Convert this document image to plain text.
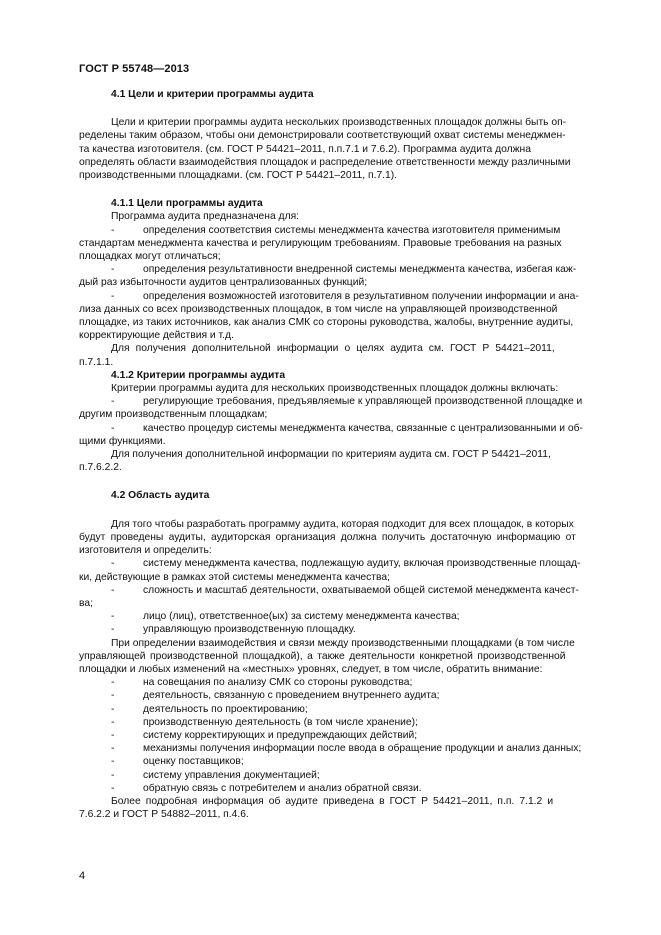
ГОСТ Р 55748—2013

4.1 Цели и критерии программы аудита

Цели и критерии программы аудита нескольких производственных площадок должны быть оп-

ределены таким образом, чтобы они демонстрировали соответствующий охват системы менеджмен-

та качества изготовителя. (см. ГОСТ Р 54421–2011, п.п.7.1 и 7.6.2). Программа аудита должна

определять области взаимодействия площадок и распределение ответственности между различными

производственными площадками. (см. ГОСТ Р 54421–2011, п.7.1).

4.1.1 Цели программы аудита

Программа аудита предназначена для:

-	определения соответствия системы менеджмента качества изготовителя применимым

стандартам менеджмента качества и регулирующим требованиям. Правовые требования на разных

площадках могут отличаться;

-	определения результативности внедренной системы менеджмента качества, избегая каж-

дый раз избыточности аудитов централизованных функций;

-	определения возможностей изготовителя в результативном получении информации и ана-

лиза данных со всех производственных площадок, в том числе на управляющей производственной

площадке, из таких источников, как анализ СМК со стороны руководства, жалобы, внутренние аудиты,

корректирующие действия и т.д.

Для получения дополнительной информации о целях аудита см. ГОСТ Р 54421–2011,

п.7.1.1.

4.1.2 Критерии программы аудита

Критерии программы аудита для нескольких производственных площадок должны включать:

-	регулирующие требования, предъявляемые к управляющей производственной площадке и

другим производственным площадкам;

-	качество процедур системы менеджмента качества, связанные с централизованными и об-

щими функциями.

Для получения дополнительной информации по критериям аудита см. ГОСТ Р 54421–2011,

п.7.6.2.2.

4.2 Область аудита

Для того чтобы разработать программу аудита, которая подходит для всех площадок, в которых

будут проведены аудиты, аудиторская организация должна получить достаточную информацию от

изготовителя и определить:

-	систему менеджмента качества, подлежащую аудиту, включая производственные площад-

ки, действующие в рамках этой системы менеджмента качества;

-	сложность и масштаб деятельности, охватываемой общей системой менеджмента качест-

ва;

-	лицо (лиц), ответственное(ых) за систему менеджмента качества;
-	управляющую производственную площадку.

При определении взаимодействия и связи между производственными площадками (в том числе

управляющей производственной площадкой), а также деятельности конкретной производственной

площадки и любых изменений на «местных» уровнях, следует, в том числе, обратить внимание:

-	на совещания по анализу СМК со стороны руководства;
-	деятельность, связанную с проведением внутреннего аудита;
-	деятельность по проектированию;
-	производственную деятельность (в том числе хранение);
-	систему корректирующих и предупреждающих действий;
-	механизмы получения информации после ввода в обращение продукции и анализ данных;
-	оценку поставщиков;
-	систему управления документацией;
-	обратную связь с потребителем и анализ обратной связи.

Более подробная информация об аудите приведена в ГОСТ Р 54421–2011, п.п. 7.1.2 и

7.6.2.2 и ГОСТ Р 54882–2011, п.4.6.

4
